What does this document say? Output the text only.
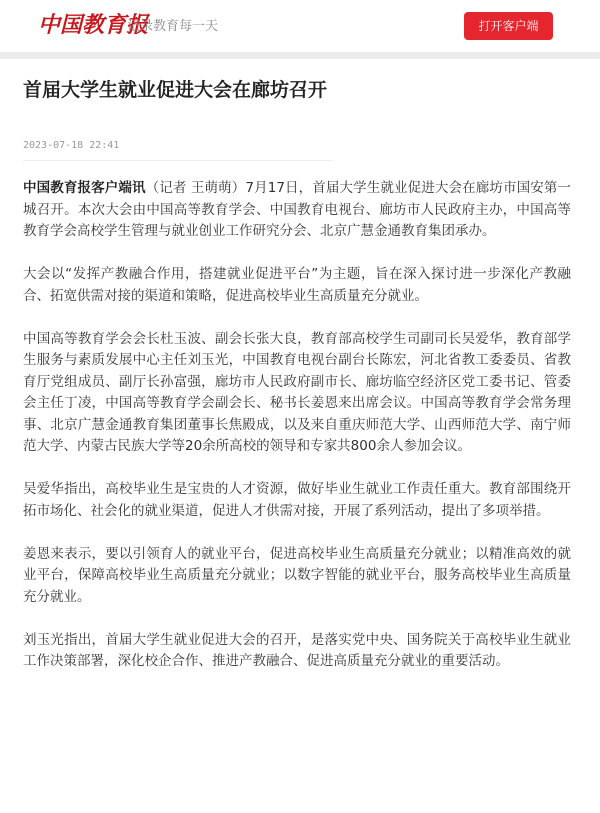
中国教育报
记录教育每一天	打开客户端
首届大学生就业促进大会在廊坊召开
2023-07-18 22:41

中国教育报客户端讯（记者 王萌萌）7月17日，首届大学生就业促进大会在廊坊市国安第一城召开。本次大会由中国高等教育学会、中国教育电视台、廊坊市人民政府主办，中国高等教育学会高校学生管理与就业创业工作研究分会、北京广慧金通教育集团承办。

大会以“发挥产教融合作用，搭建就业促进平台”为主题，旨在深入探讨进一步深化产教融合、拓宽供需对接的渠道和策略，促进高校毕业生高质量充分就业。

中国高等教育学会会长杜玉波、副会长张大良，教育部高校学生司副司长吴爱华，教育部学生服务与素质发展中心主任刘玉光，中国教育电视台副台长陈宏，河北省教工委委员、省教育厅党组成员、副厅长孙富强，廊坊市人民政府副市长、廊坊临空经济区党工委书记、管委会主任丁凌，中国高等教育学会副会长、秘书长姜恩来出席会议。中国高等教育学会常务理事、北京广慧金通教育集团董事长焦殿成，以及来自重庆师范大学、山西师范大学、南宁师范大学、内蒙古民族大学等20余所高校的领导和专家共800余人参加会议。

吴爱华指出，高校毕业生是宝贵的人才资源，做好毕业生就业工作责任重大。教育部围绕开拓市场化、社会化的就业渠道，促进人才供需对接，开展了系列活动，提出了多项举措。

姜恩来表示，要以引领育人的就业平台，促进高校毕业生高质量充分就业；以精准高效的就业平台，保障高校毕业生高质量充分就业；以数字智能的就业平台，服务高校毕业生高质量充分就业。

刘玉光指出，首届大学生就业促进大会的召开，是落实党中央、国务院关于高校毕业生就业工作决策部署，深化校企合作、推进产教融合、促进高质量充分就业的重要活动。
